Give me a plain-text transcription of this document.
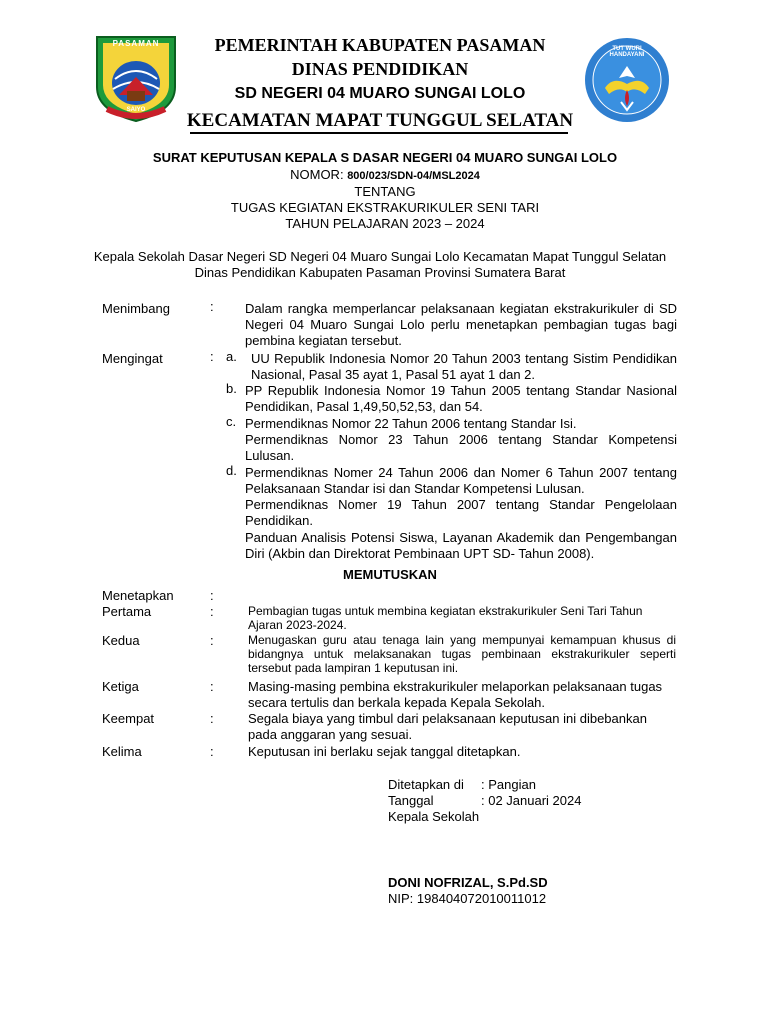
PASAMAN
SAIYO
TUT WURI HANDAYANI
PEMERINTAH KABUPATEN PASAMAN
DINAS PENDIDIKAN
SD NEGERI 04 MUARO SUNGAI LOLO
KECAMATAN MAPAT TUNGGUL SELATAN
SURAT KEPUTUSAN KEPALA S DASAR NEGERI 04 MUARO SUNGAI LOLO
NOMOR: 800/023/SDN-04/MSL2024
TENTANG
TUGAS KEGIATAN EKSTRAKURIKULER SENI TARI
TAHUN PELAJARAN 2023 – 2024
Kepala Sekolah Dasar Negeri SD Negeri 04 Muaro Sungai Lolo Kecamatan Mapat Tunggul Selatan
Dinas Pendidikan Kabupaten Pasaman Provinsi Sumatera Barat
Menimbang	: Dalam rangka memperlancar pelaksanaan kegiatan ekstrakurikuler di SD Negeri 04 Muaro Sungai Lolo perlu menetapkan pembagian tugas bagi pembina kegiatan tersebut.
Mengingat	: a.	UU Republik Indonesia Nomor 20 Tahun 2003 tentang Sistim Pendidikan Nasional, Pasal 35 ayat 1, Pasal 51 ayat 1 dan 2.
b. PP Republik Indonesia Nomor 19 Tahun 2005 tentang Standar Nasional Pendidikan, Pasal 1,49,50,52,53, dan 54.
c. Permendiknas Nomor 22 Tahun 2006 tentang Standar Isi.
Permendiknas Nomor 23 Tahun 2006 tentang Standar Kompetensi Lulusan.
d. Permendiknas Nomer 24 Tahun 2006 dan Nomer 6 Tahun 2007 tentang Pelaksanaan Standar isi dan Standar Kompetensi Lulusan.
Permendiknas Nomer 19 Tahun 2007 tentang Standar Pengelolaan Pendidikan.
Panduan Analisis Potensi Siswa, Layanan Akademik dan Pengembangan Diri (Akbin dan Direktorat Pembinaan UPT SD- Tahun 2008).
MEMUTUSKAN
Menetapkan	:
Pertama	:	Pembagian tugas untuk membina kegiatan ekstrakurikuler Seni Tari Tahun Ajaran 2023-2024.
Kedua	:	Menugaskan guru atau tenaga lain yang mempunyai kemampuan khusus di bidangnya untuk melaksanakan tugas pembinaan ekstrakurikuler seperti tersebut pada lampiran 1 keputusan ini.
Ketiga	:	Masing-masing pembina ekstrakurikuler melaporkan pelaksanaan tugas secara tertulis dan berkala kepada Kepala Sekolah.
Keempat	:	Segala biaya yang timbul dari pelaksanaan keputusan ini dibebankan pada anggaran yang sesuai.
Kelima	:	Keputusan ini berlaku sejak tanggal ditetapkan.
Ditetapkan di : Pangian
Tanggal	: 02 Januari 2024
Kepala Sekolah
DONI NOFRIZAL, S.Pd.SD
NIP: 198404072010011012
